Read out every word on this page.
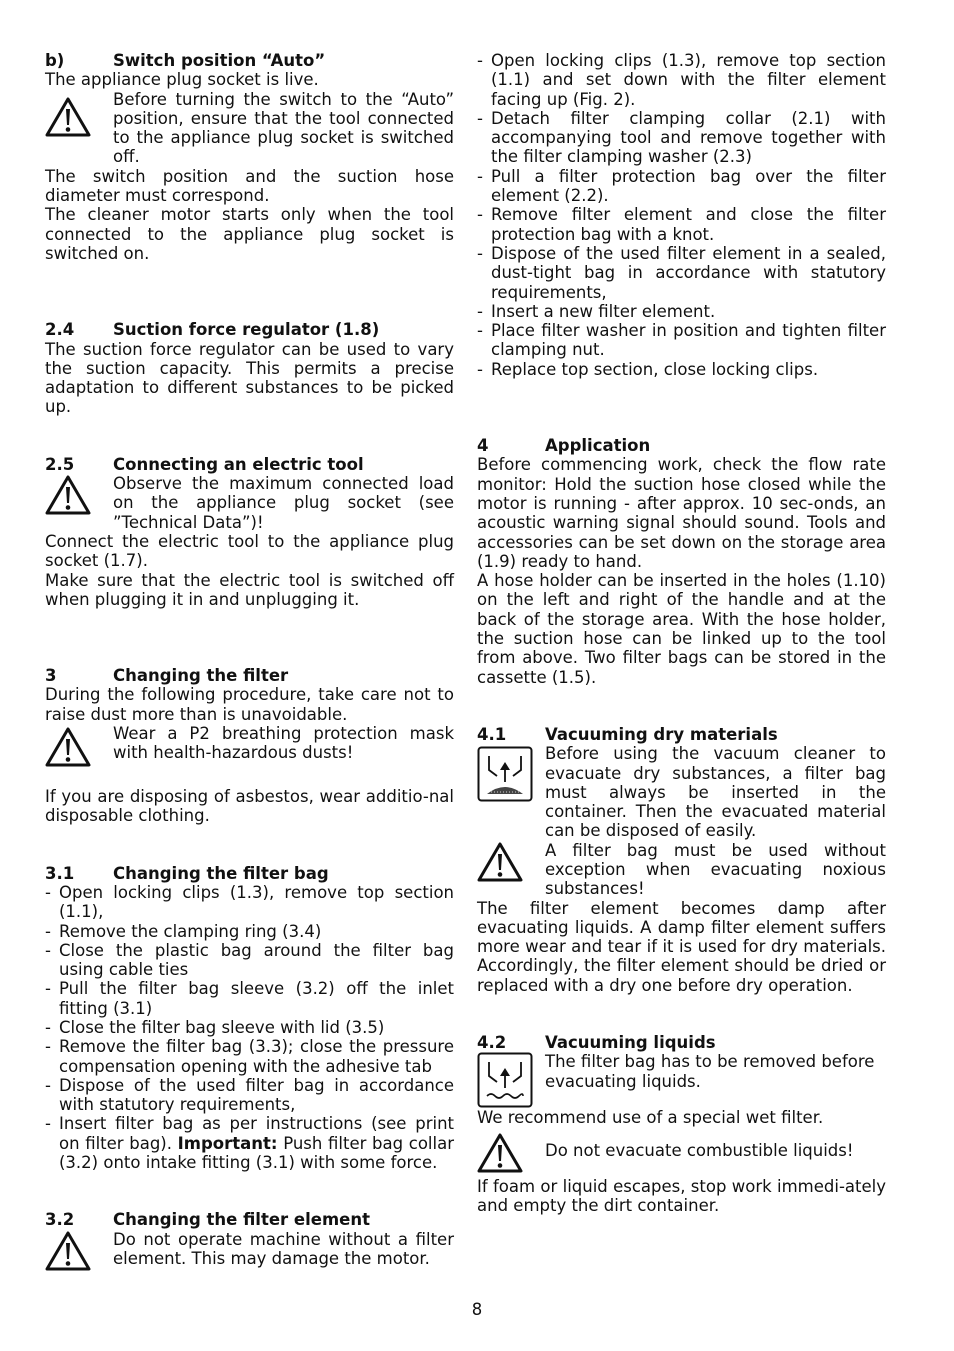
b)	Switch position “Auto”
The appliance plug socket is live.
Before turning the switch to the “Auto” position, ensure that the tool connected to the appliance plug socket is switched off.
The switch position and the suction hose diameter must correspond.
The cleaner motor starts only when the tool connected to the appliance plug socket is switched on.
2.4	Suction force regulator (1.8)
The suction force regulator can be used to vary the suction capacity. This permits a precise adaptation to different substances to be picked up.
2.5	Connecting an electric tool
Observe the maximum connected load on the appliance plug socket (see ”Technical Data”)!
Connect the electric tool to the appliance plug socket (1.7).
Make sure that the electric tool is switched off when plugging it in and unplugging it.
3	Changing the filter
During the following procedure, take care not to raise dust more than is unavoidable.
Wear a P2 breathing protection mask with health-hazardous dusts!
If you are disposing of asbestos, wear additio-nal disposable clothing.
3.1	Changing the filter bag
- Open locking clips (1.3), remove top section (1.1),
- Remove the clamping ring (3.4)
- Close the plastic bag around the filter bag using cable ties
- Pull the filter bag sleeve (3.2) off the inlet fitting (3.1)
- Close the filter bag sleeve with lid (3.5)
- Remove the filter bag (3.3); close the pressure compensation opening with the adhesive tab
- Dispose of the used filter bag in accordance with statutory requirements,
- Insert filter bag as per instructions (see print on filter bag). Important: Push filter bag collar (3.2) onto intake fitting (3.1) with some force.
3.2	Changing the filter element
Do not operate machine without a filter element. This may damage the motor.
- Open locking clips (1.3), remove top section (1.1) and set down with the filter element facing up (Fig. 2).
- Detach filter clamping collar (2.1) with accompanying tool and remove together with the filter clamping washer (2.3)
- Pull a filter protection bag over the filter element (2.2).
- Remove filter element and close the filter protection bag with a knot.
- Dispose of the used filter element in a sealed, dust-tight bag in accordance with statutory requirements,
- Insert a new filter element.
- Place filter washer in position and tighten filter clamping nut.
- Replace top section, close locking clips.
4	Application
Before commencing work, check the flow rate monitor: Hold the suction hose closed while the motor is running - after approx. 10 sec-onds, an acoustic warning signal should sound. Tools and accessories can be set down on the storage area (1.9) ready to hand.
A hose holder can be inserted in the holes (1.10) on the left and right of the handle and at the back of the storage area. With the hose holder, the suction hose can be linked up to the tool from above. Two filter bags can be stored in the cassette (1.5).
4.1	Vacuuming dry materials
Before using the vacuum cleaner to evacuate dry substances, a filter bag must always be inserted in the container. Then the evacuated material can be disposed of easily.
A filter bag must be used without exception when evacuating noxious substances!
The filter element becomes damp after evacuating liquids. A damp filter element suffers more wear and tear if it is used for dry materials. Accordingly, the filter element should be dried or replaced with a dry one before dry operation.
4.2	Vacuuming liquids
The filter bag has to be removed before evacuating liquids.
We recommend use of a special wet filter.
Do not evacuate combustible liquids!
If foam or liquid escapes, stop work immedi-ately and empty the dirt container.
8
